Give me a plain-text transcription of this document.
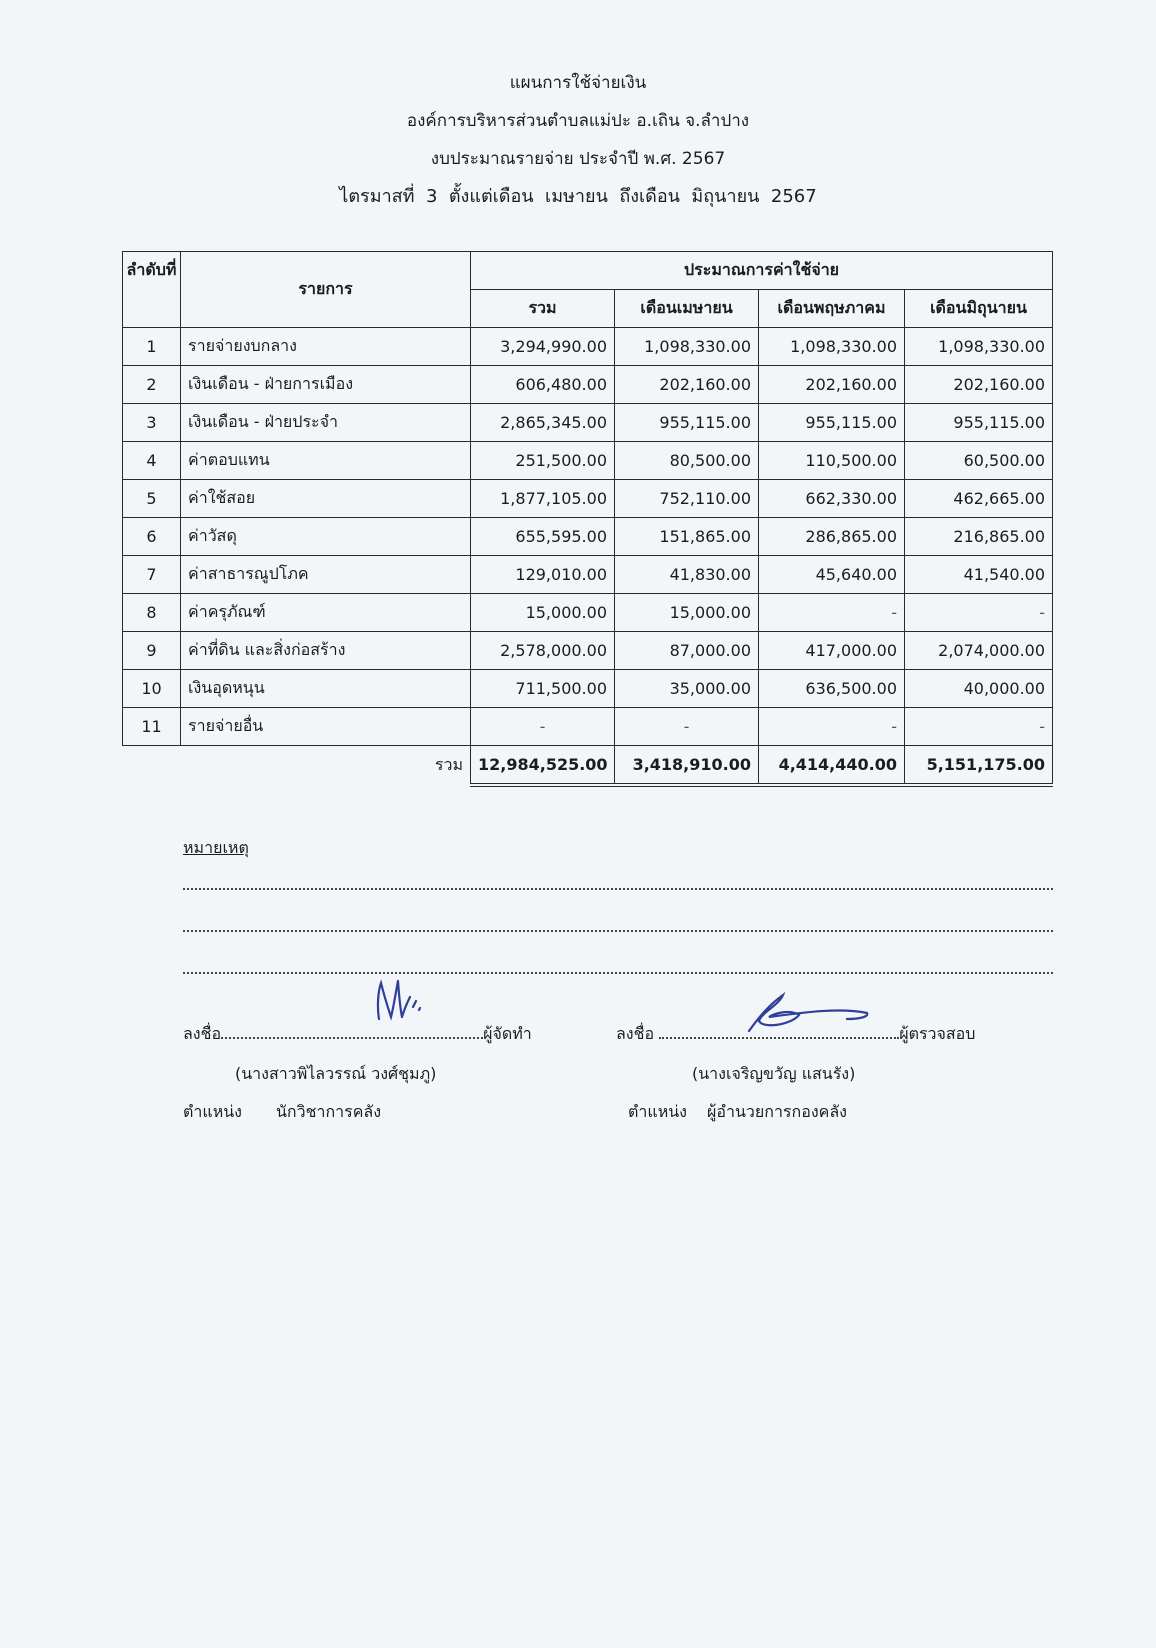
แผนการใช้จ่ายเงิน
องค์การบริหารส่วนตำบลแม่ปะ อ.เถิน จ.ลำปาง
งบประมาณรายจ่าย ประจำปี พ.ศ. 2567
ไตรมาสที่  3  ตั้งแต่เดือน  เมษายน  ถึงเดือน  มิถุนายน  2567
ลำดับที่	รายการ	ประมาณการค่าใช้จ่าย			
		รวม	เดือนเมษายน	เดือนพฤษภาคม	เดือนมิถุนายน
1	รายจ่ายงบกลาง	3,294,990.00	1,098,330.00	1,098,330.00	1,098,330.00
2	เงินเดือน - ฝ่ายการเมือง	606,480.00	202,160.00	202,160.00	202,160.00
3	เงินเดือน - ฝ่ายประจำ	2,865,345.00	955,115.00	955,115.00	955,115.00
4	ค่าตอบแทน	251,500.00	80,500.00	110,500.00	60,500.00
5	ค่าใช้สอย	1,877,105.00	752,110.00	662,330.00	462,665.00
6	ค่าวัสดุ	655,595.00	151,865.00	286,865.00	216,865.00
7	ค่าสาธารณูปโภค	129,010.00	41,830.00	45,640.00	41,540.00
8	ค่าครุภัณฑ์	15,000.00	15,000.00	-	-
9	ค่าที่ดิน และสิ่งก่อสร้าง	2,578,000.00	87,000.00	417,000.00	2,074,000.00
10	เงินอุดหนุน	711,500.00	35,000.00	636,500.00	40,000.00
11	รายจ่ายอื่น	-	-	-	-
	รวม	12,984,525.00	3,418,910.00	4,414,440.00	5,151,175.00
หมายเหตุ
ลงชื่อ	ผู้จัดทำ
(นางสาวพิไลวรรณ์ วงศ์ชุมภู)
ตำแหน่ง นักวิชาการคลัง
ลงชื่อ	ผู้ตรวจสอบ
(นางเจริญขวัญ แสนรัง)
ตำแหน่ง ผู้อำนวยการกองคลัง
